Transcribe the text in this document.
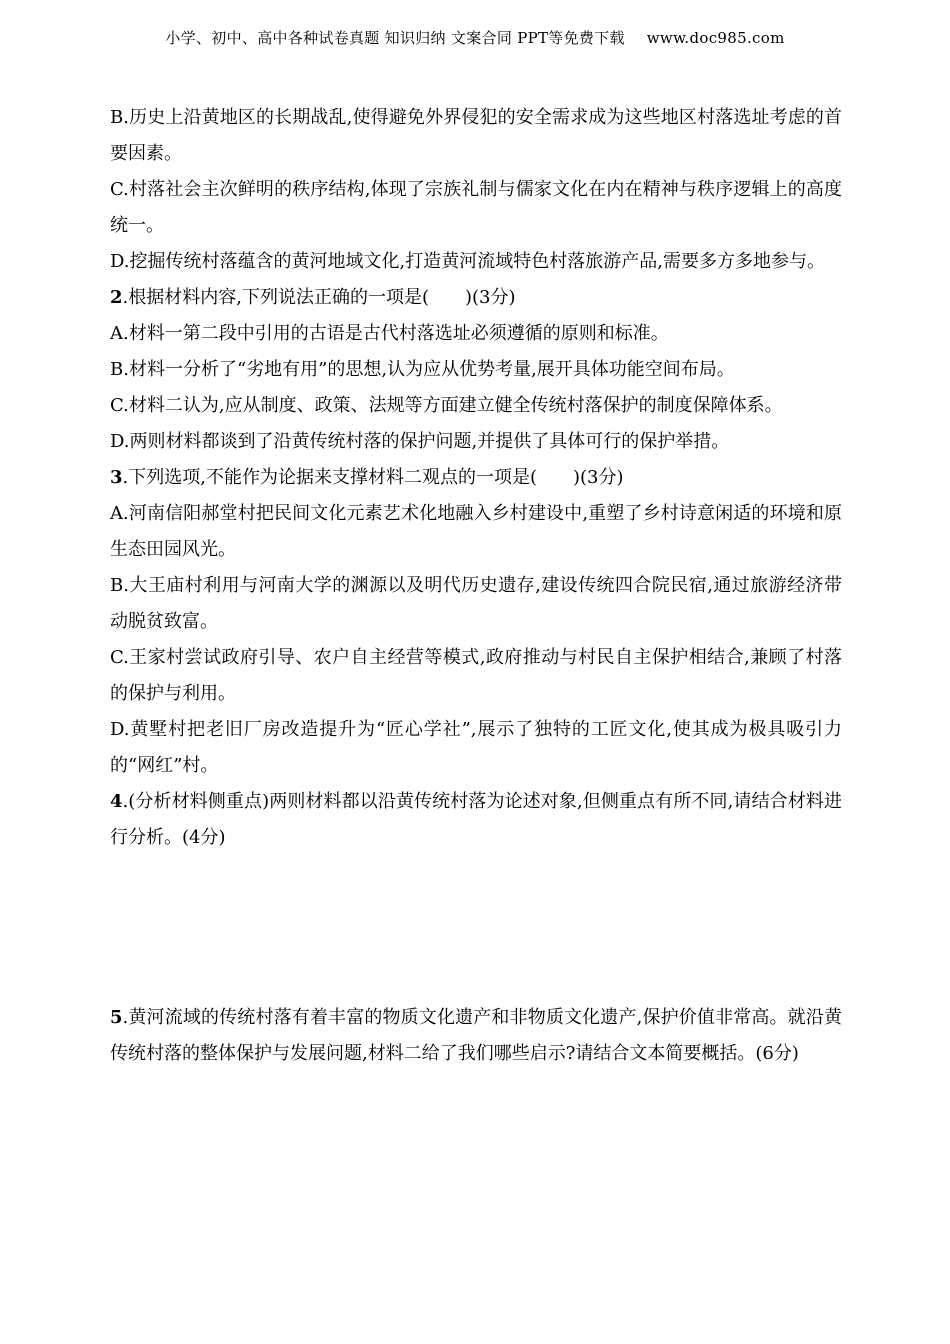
小学、初中、高中各种试卷真题 知识归纳 文案合同 PPT等免费下载 www.doc985.com

B.历史上沿黄地区的长期战乱,使得避免外界侵犯的安全需求成为这些地区村落选址考虑的首要因素。

C.村落社会主次鲜明的秩序结构,体现了宗族礼制与儒家文化在内在精神与秩序逻辑上的高度统一。

D.挖掘传统村落蕴含的黄河地域文化,打造黄河流域特色村落旅游产品,需要多方多地参与。

2.根据材料内容,下列说法正确的一项是(　　)(3分)

A.材料一第二段中引用的古语是古代村落选址必须遵循的原则和标准。

B.材料一分析了“劣地有用”的思想,认为应从优势考量,展开具体功能空间布局。

C.材料二认为,应从制度、政策、法规等方面建立健全传统村落保护的制度保障体系。

D.两则材料都谈到了沿黄传统村落的保护问题,并提供了具体可行的保护举措。

3.下列选项,不能作为论据来支撑材料二观点的一项是(　　)(3分)

A.河南信阳郝堂村把民间文化元素艺术化地融入乡村建设中,重塑了乡村诗意闲适的环境和原生态田园风光。

B.大王庙村利用与河南大学的渊源以及明代历史遗存,建设传统四合院民宿,通过旅游经济带动脱贫致富。

C.王家村尝试政府引导、农户自主经营等模式,政府推动与村民自主保护相结合,兼顾了村落的保护与利用。

D.黄墅村把老旧厂房改造提升为“匠心学社”,展示了独特的工匠文化,使其成为极具吸引力的“网红”村。

4.(分析材料侧重点)两则材料都以沿黄传统村落为论述对象,但侧重点有所不同,请结合材料进行分析。(4分)

5.黄河流域的传统村落有着丰富的物质文化遗产和非物质文化遗产,保护价值非常高。就沿黄传统村落的整体保护与发展问题,材料二给了我们哪些启示?请结合文本简要概括。(6分)
